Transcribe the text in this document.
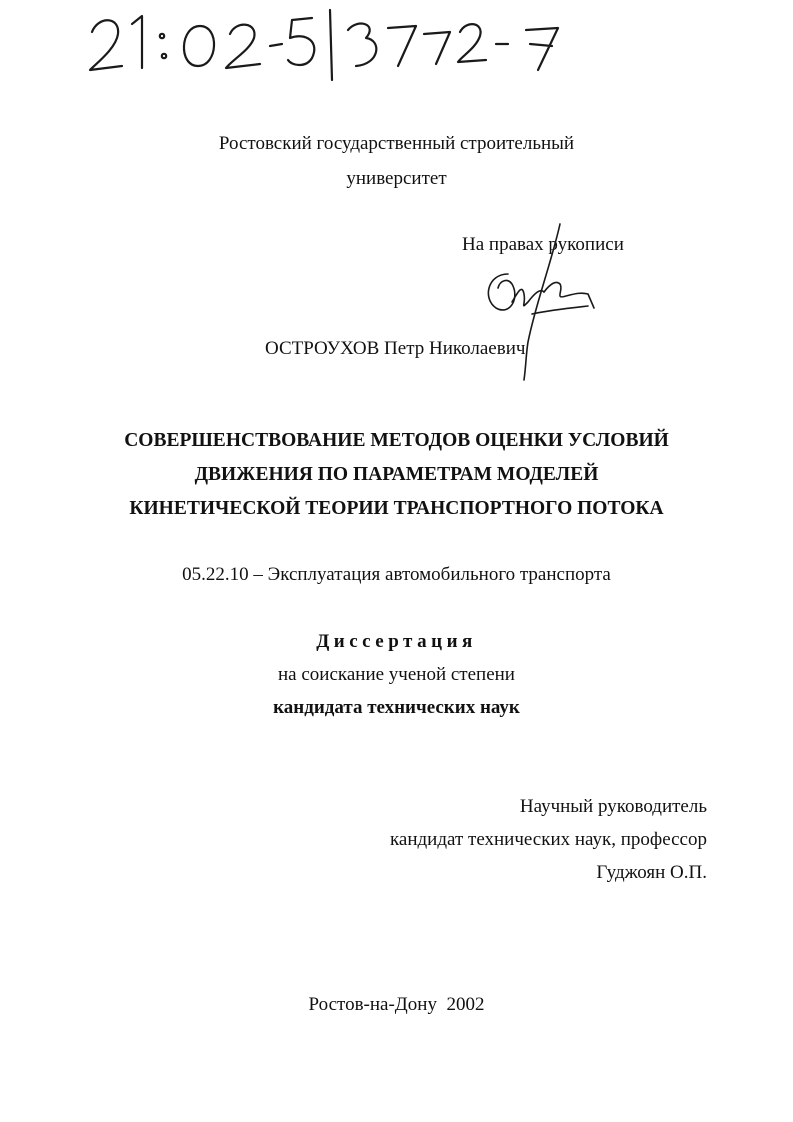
Ростовский государственный строительный
университет
На правах рукописи
ОСТРОУХОВ Петр Николаевич
СОВЕРШЕНСТВОВАНИЕ МЕТОДОВ ОЦЕНКИ УСЛОВИЙ
ДВИЖЕНИЯ ПО ПАРАМЕТРАМ МОДЕЛЕЙ
КИНЕТИЧЕСКОЙ ТЕОРИИ ТРАНСПОРТНОГО ПОТОКА
05.22.10 – Эксплуатация автомобильного транспорта
Диссертация
на соискание ученой степени
кандидата технических наук
Научный руководитель
кандидат технических наук, профессор
Гуджоян О.П.
Ростов-на-Дону  2002
